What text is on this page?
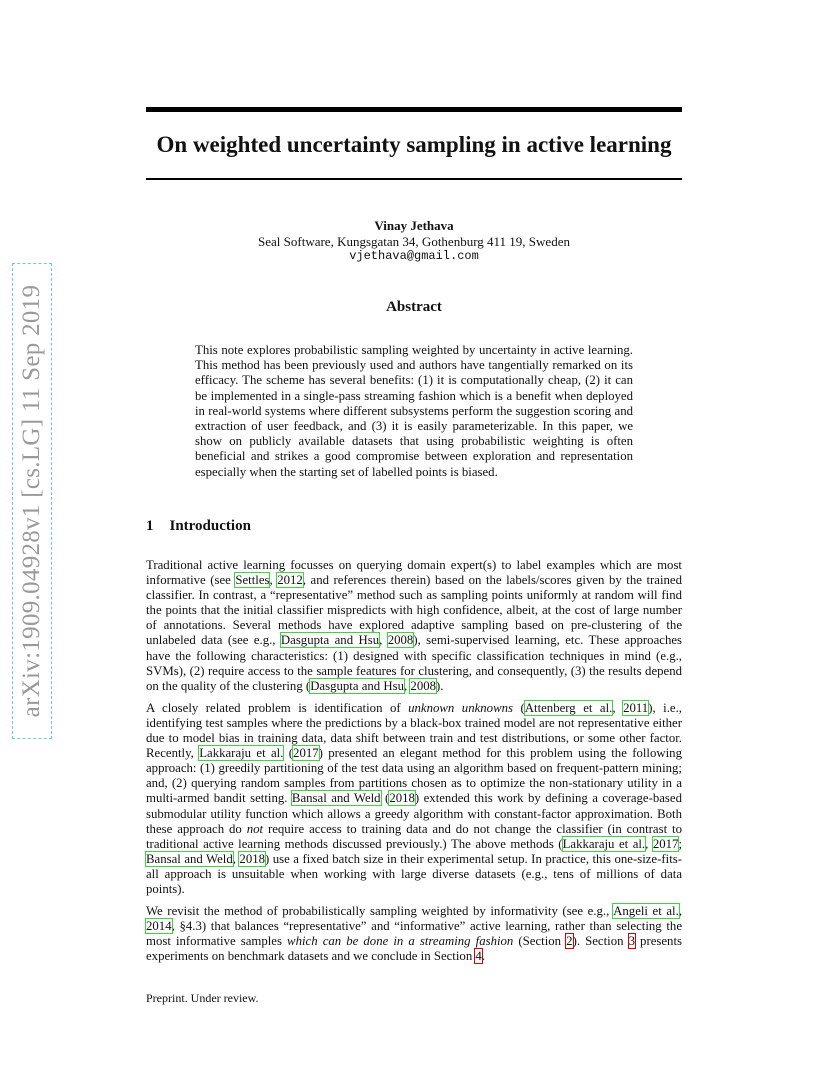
arXiv:1909.04928v1 [cs.LG] 11 Sep 2019
On weighted uncertainty sampling in active learning
Vinay Jethava
Seal Software, Kungsgatan 34, Gothenburg 411 19, Sweden
vjethava@gmail.com
Abstract

This note explores probabilistic sampling weighted by uncertainty in active learning. This method has been previously used and authors have tangentially remarked on its efficacy. The scheme has several benefits: (1) it is computationally cheap, (2) it can be implemented in a single-pass streaming fashion which is a benefit when deployed in real-world systems where different subsystems perform the suggestion scoring and extraction of user feedback, and (3) it is easily parameterizable. In this paper, we show on publicly available datasets that using probabilistic weighting is often beneficial and strikes a good compromise between exploration and representation especially when the starting set of labelled points is biased.

1 Introduction

Traditional active learning focusses on querying domain expert(s) to label examples which are most informative (see Settles, 2012, and references therein) based on the labels/scores given by the trained classifier. In contrast, a “representative” method such as sampling points uniformly at random will find the points that the initial classifier mispredicts with high confidence, albeit, at the cost of large number of annotations. Several methods have explored adaptive sampling based on pre-clustering of the unlabeled data (see e.g., Dasgupta and Hsu, 2008), semi-supervised learning, etc. These approaches have the following characteristics: (1) designed with specific classification techniques in mind (e.g., SVMs), (2) require access to the sample features for clustering, and consequently, (3) the results depend on the quality of the clustering (Dasgupta and Hsu, 2008).

A closely related problem is identification of unknown unknowns (Attenberg et al., 2011), i.e., identifying test samples where the predictions by a black-box trained model are not representative either due to model bias in training data, data shift between train and test distributions, or some other factor. Recently, Lakkaraju et al. (2017) presented an elegant method for this problem using the following approach: (1) greedily partitioning of the test data using an algorithm based on frequent-pattern mining; and, (2) querying random samples from partitions chosen as to optimize the non-stationary utility in a multi-armed bandit setting. Bansal and Weld (2018) extended this work by defining a coverage-based submodular utility function which allows a greedy algorithm with constant-factor approximation. Both these approach do not require access to training data and do not change the classifier (in contrast to traditional active learning methods discussed previously.) The above methods (Lakkaraju et al., 2017; Bansal and Weld, 2018) use a fixed batch size in their experimental setup. In practice, this one-size-fits-all approach is unsuitable when working with large diverse datasets (e.g., tens of millions of data points).

We revisit the method of probabilistically sampling weighted by informativity (see e.g., Angeli et al., 2014, §4.3) that balances “representative” and “informative” active learning, rather than selecting the most informative samples which can be done in a streaming fashion (Section 2). Section 3 presents experiments on benchmark datasets and we conclude in Section 4.

Preprint. Under review.
